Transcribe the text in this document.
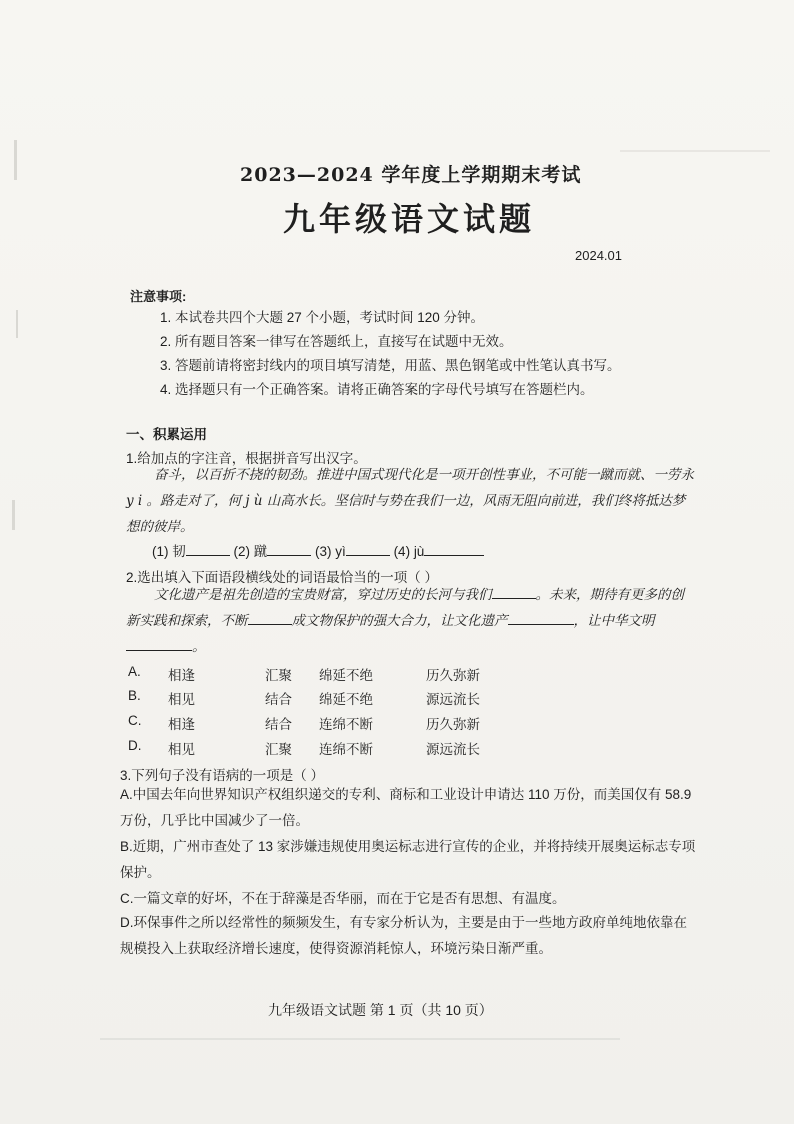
2023—2024 学年度上学期期末考试
九年级语文试题
2024.01
注意事项:
1. 本试卷共四个大题 27 个小题，考试时间 120 分钟。
2. 所有题目答案一律写在答题纸上，直接写在试题中无效。
3. 答题前请将密封线内的项目填写清楚，用蓝、黑色钢笔或中性笔认真书写。
4. 选择题只有一个正确答案。请将正确答案的字母代号填写在答题栏内。
一、积累运用
1.给加点的字注音，根据拼音写出汉字。
奋斗，以百折不挠的韧劲。推进中国式现代化是一项开创性事业，不可能一蹴而就、一劳永 y i 。路走对了，何 j ù 山高水长。坚信时与势在我们一边，风雨无阻向前进，我们终将抵达梦想的彼岸。
(1) 韧	(2) 蹴	(3) yì	(4) jù
2.选出填入下面语段横线处的词语最恰当的一项（ ）
文化遗产是祖先创造的宝贵财富，穿过历史的长河与我们	。未来，期待有更多的创新实践和探索，不断	成文物保护的强大合力，让文化遗产	，让中华文明。
A. 相逢	汇聚 绵延不绝	历久弥新
B. 相见	结合 绵延不绝	源远流长
C. 相逢	结合 连绵不断	历久弥新
D. 相见	汇聚 连绵不断	源远流长
3.下列句子没有语病的一项是（ ）
A.中国去年向世界知识产权组织递交的专利、商标和工业设计申请达 110 万份，而美国仅有 58.9 万份，几乎比中国减少了一倍。
B.近期，广州市查处了 13 家涉嫌违规使用奥运标志进行宣传的企业，并将持续开展奥运标志专项保护。
C.一篇文章的好坏，不在于辞藻是否华丽，而在于它是否有思想、有温度。
D.环保事件之所以经常性的频频发生，有专家分析认为，主要是由于一些地方政府单纯地依靠在规模投入上获取经济增长速度，使得资源消耗惊人，环境污染日渐严重。
九年级语文试题 第 1 页（共 10 页）
